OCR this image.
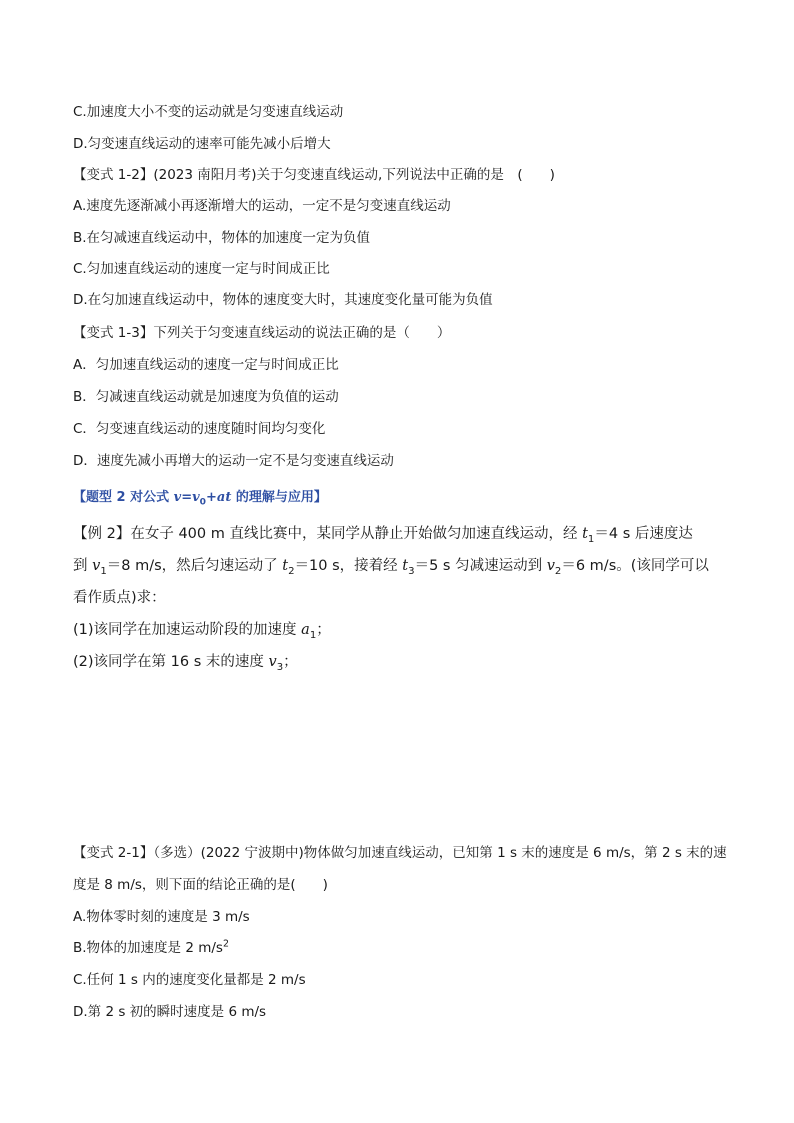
C.加速度大小不变的运动就是匀变速直线运动
D.匀变速直线运动的速率可能先减小后增大
【变式 1-2】(2023 南阳月考)关于匀变速直线运动,下列说法中正确的是　(　　)
A.速度先逐渐减小再逐渐增大的运动，一定不是匀变速直线运动
B.在匀减速直线运动中，物体的加速度一定为负值
C.匀加速直线运动的速度一定与时间成正比
D.在匀加速直线运动中，物体的速度变大时，其速度变化量可能为负值
【变式 1-3】下列关于匀变速直线运动的说法正确的是（　　）
A．匀加速直线运动的速度一定与时间成正比
B．匀减速直线运动就是加速度为负值的运动
C．匀变速直线运动的速度随时间均匀变化
D．速度先减小再增大的运动一定不是匀变速直线运动
【题型 2 对公式 $v=v_0+at$ 的理解与应用】
【例 2】在女子 400 m 直线比赛中，某同学从静止开始做匀加速直线运动，经 $t_1=4$ s 后速度达
到 $v_1=8$ m/s，然后匀速运动了 $t_2=10$ s，接着经 $t_3=5$ s 匀减速运动到 $v_2=6$ m/s。(该同学可以
看作质点)求：
(1)该同学在加速运动阶段的加速度 $a_1$；
(2)该同学在第 16 s 末的速度 $v_3$；
【变式 2-1】（多选）(2022 宁波期中)物体做匀加速直线运动，已知第 1 s 末的速度是 6 m/s，第 2 s 末的速
度是 8 m/s，则下面的结论正确的是(　　)
A.物体零时刻的速度是 3 m/s
B.物体的加速度是 2 $m/s^2$
C.任何 1 s 内的速度变化量都是 2 m/s
D.第 2 s 初的瞬时速度是 6 m/s
